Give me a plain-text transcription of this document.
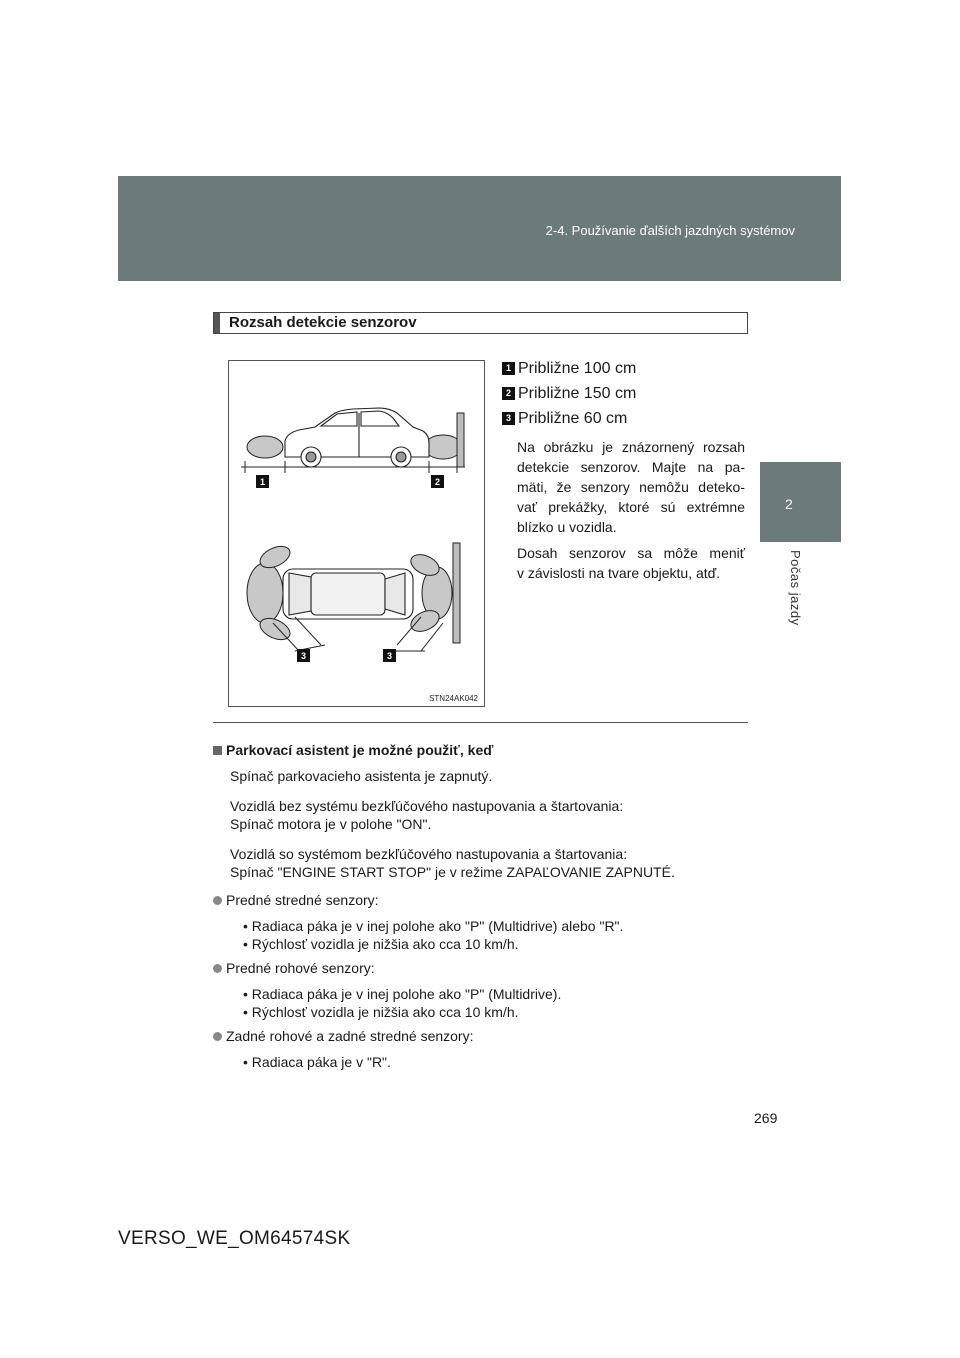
2-4. Používanie ďalších jazdných systémov
2
Počas jazdy
Rozsah detekcie senzorov
1	2
3	3
STN24AK042
1 Približne 100 cm
2 Približne 150 cm
3 Približne 60 cm
Na obrázku je znázornený rozsah
detekcie senzorov. Majte na pa-
mäti, že senzory nemôžu deteko-
vať prekážky, ktoré sú extrémne
blízko u vozidla.
Dosah senzorov sa môže meniť
v závislosti na tvare objektu, atď.
Parkovací asistent je možné použiť, keď
Spínač parkovacieho asistenta je zapnutý.
Vozidlá bez systému bezkľúčového nastupovania a štartovania:
Spínač motora je v polohe "ON".
Vozidlá so systémom bezkľúčového nastupovania a štartovania:
Spínač "ENGINE START STOP" je v režime ZAPAĽOVANIE ZAPNUTÉ.
Predné stredné senzory:
• Radiaca páka je v inej polohe ako "P" (Multidrive) alebo "R".
• Rýchlosť vozidla je nižšia ako cca 10 km/h.
Predné rohové senzory:
• Radiaca páka je v inej polohe ako "P" (Multidrive).
• Rýchlosť vozidla je nižšia ako cca 10 km/h.
Zadné rohové a zadné stredné senzory:
• Radiaca páka je v "R".
269
VERSO_WE_OM64574SK
